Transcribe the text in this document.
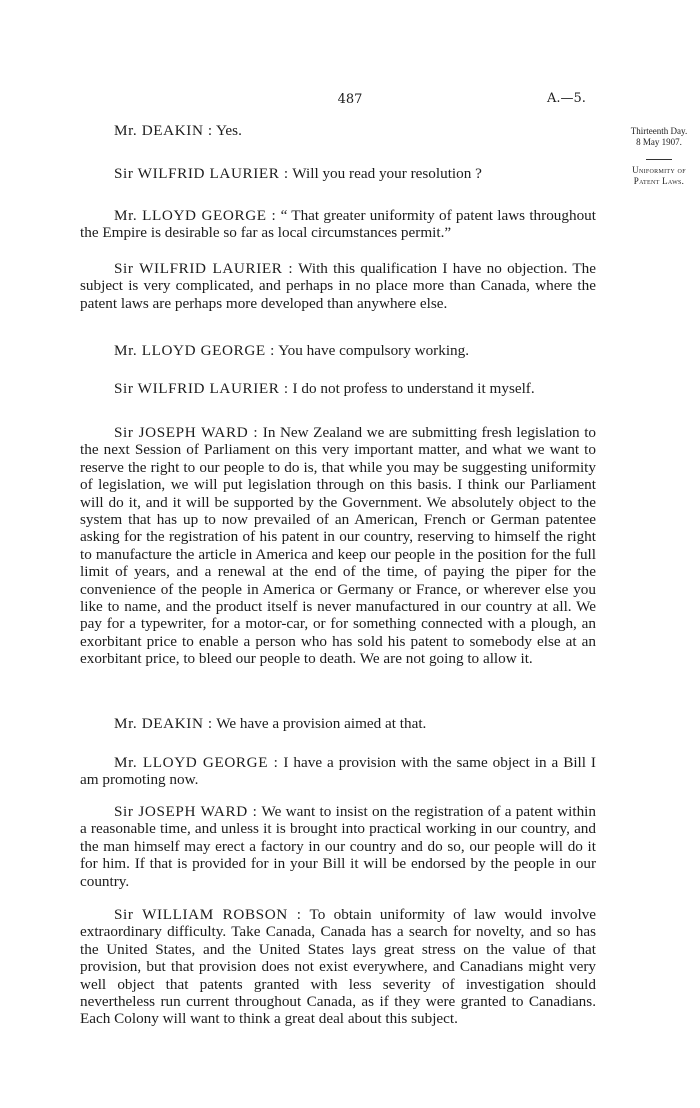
487	A.—5.
Thirteenth Day.
8 May 1907.
Uniformity of
Patent Laws.
Mr. DEAKIN : Yes.
Sir WILFRID LAURIER : Will you read your resolution ?
Mr. LLOYD GEORGE : “ That greater uniformity of patent laws throughout the Empire is desirable so far as local circumstances permit.”
Sir WILFRID LAURIER : With this qualification I have no objection. The subject is very complicated, and perhaps in no place more than Canada, where the patent laws are perhaps more developed than anywhere else.
Mr. LLOYD GEORGE : You have compulsory working.
Sir WILFRID LAURIER : I do not profess to understand it myself.
Sir JOSEPH WARD : In New Zealand we are submitting fresh legislation to the next Session of Parliament on this very important matter, and what we want to reserve the right to our people to do is, that while you may be suggesting uniformity of legislation, we will put legislation through on this basis. I think our Parliament will do it, and it will be supported by the Government. We absolutely object to the system that has up to now prevailed of an American, French or German patentee asking for the registration of his patent in our country, reserving to himself the right to manufacture the article in America and keep our people in the position for the full limit of years, and a renewal at the end of the time, of paying the piper for the convenience of the people in America or Germany or France, or wherever else you like to name, and the product itself is never manufactured in our country at all. We pay for a typewriter, for a motor-car, or for something connected with a plough, an exorbitant price to enable a person who has sold his patent to somebody else at an exorbitant price, to bleed our people to death. We are not going to allow it.
Mr. DEAKIN : We have a provision aimed at that.
Mr. LLOYD GEORGE : I have a provision with the same object in a Bill I am promoting now.
Sir JOSEPH WARD : We want to insist on the registration of a patent within a reasonable time, and unless it is brought into practical working in our country, and the man himself may erect a factory in our country and do so, our people will do it for him. If that is provided for in your Bill it will be endorsed by the people in our country.
Sir WILLIAM ROBSON : To obtain uniformity of law would involve extraordinary difficulty. Take Canada, Canada has a search for novelty, and so has the United States, and the United States lays great stress on the value of that provision, but that provision does not exist everywhere, and Canadians might very well object that patents granted with less severity of investigation should nevertheless run current throughout Canada, as if they were granted to Canadians. Each Colony will want to think a great deal about this subject.
